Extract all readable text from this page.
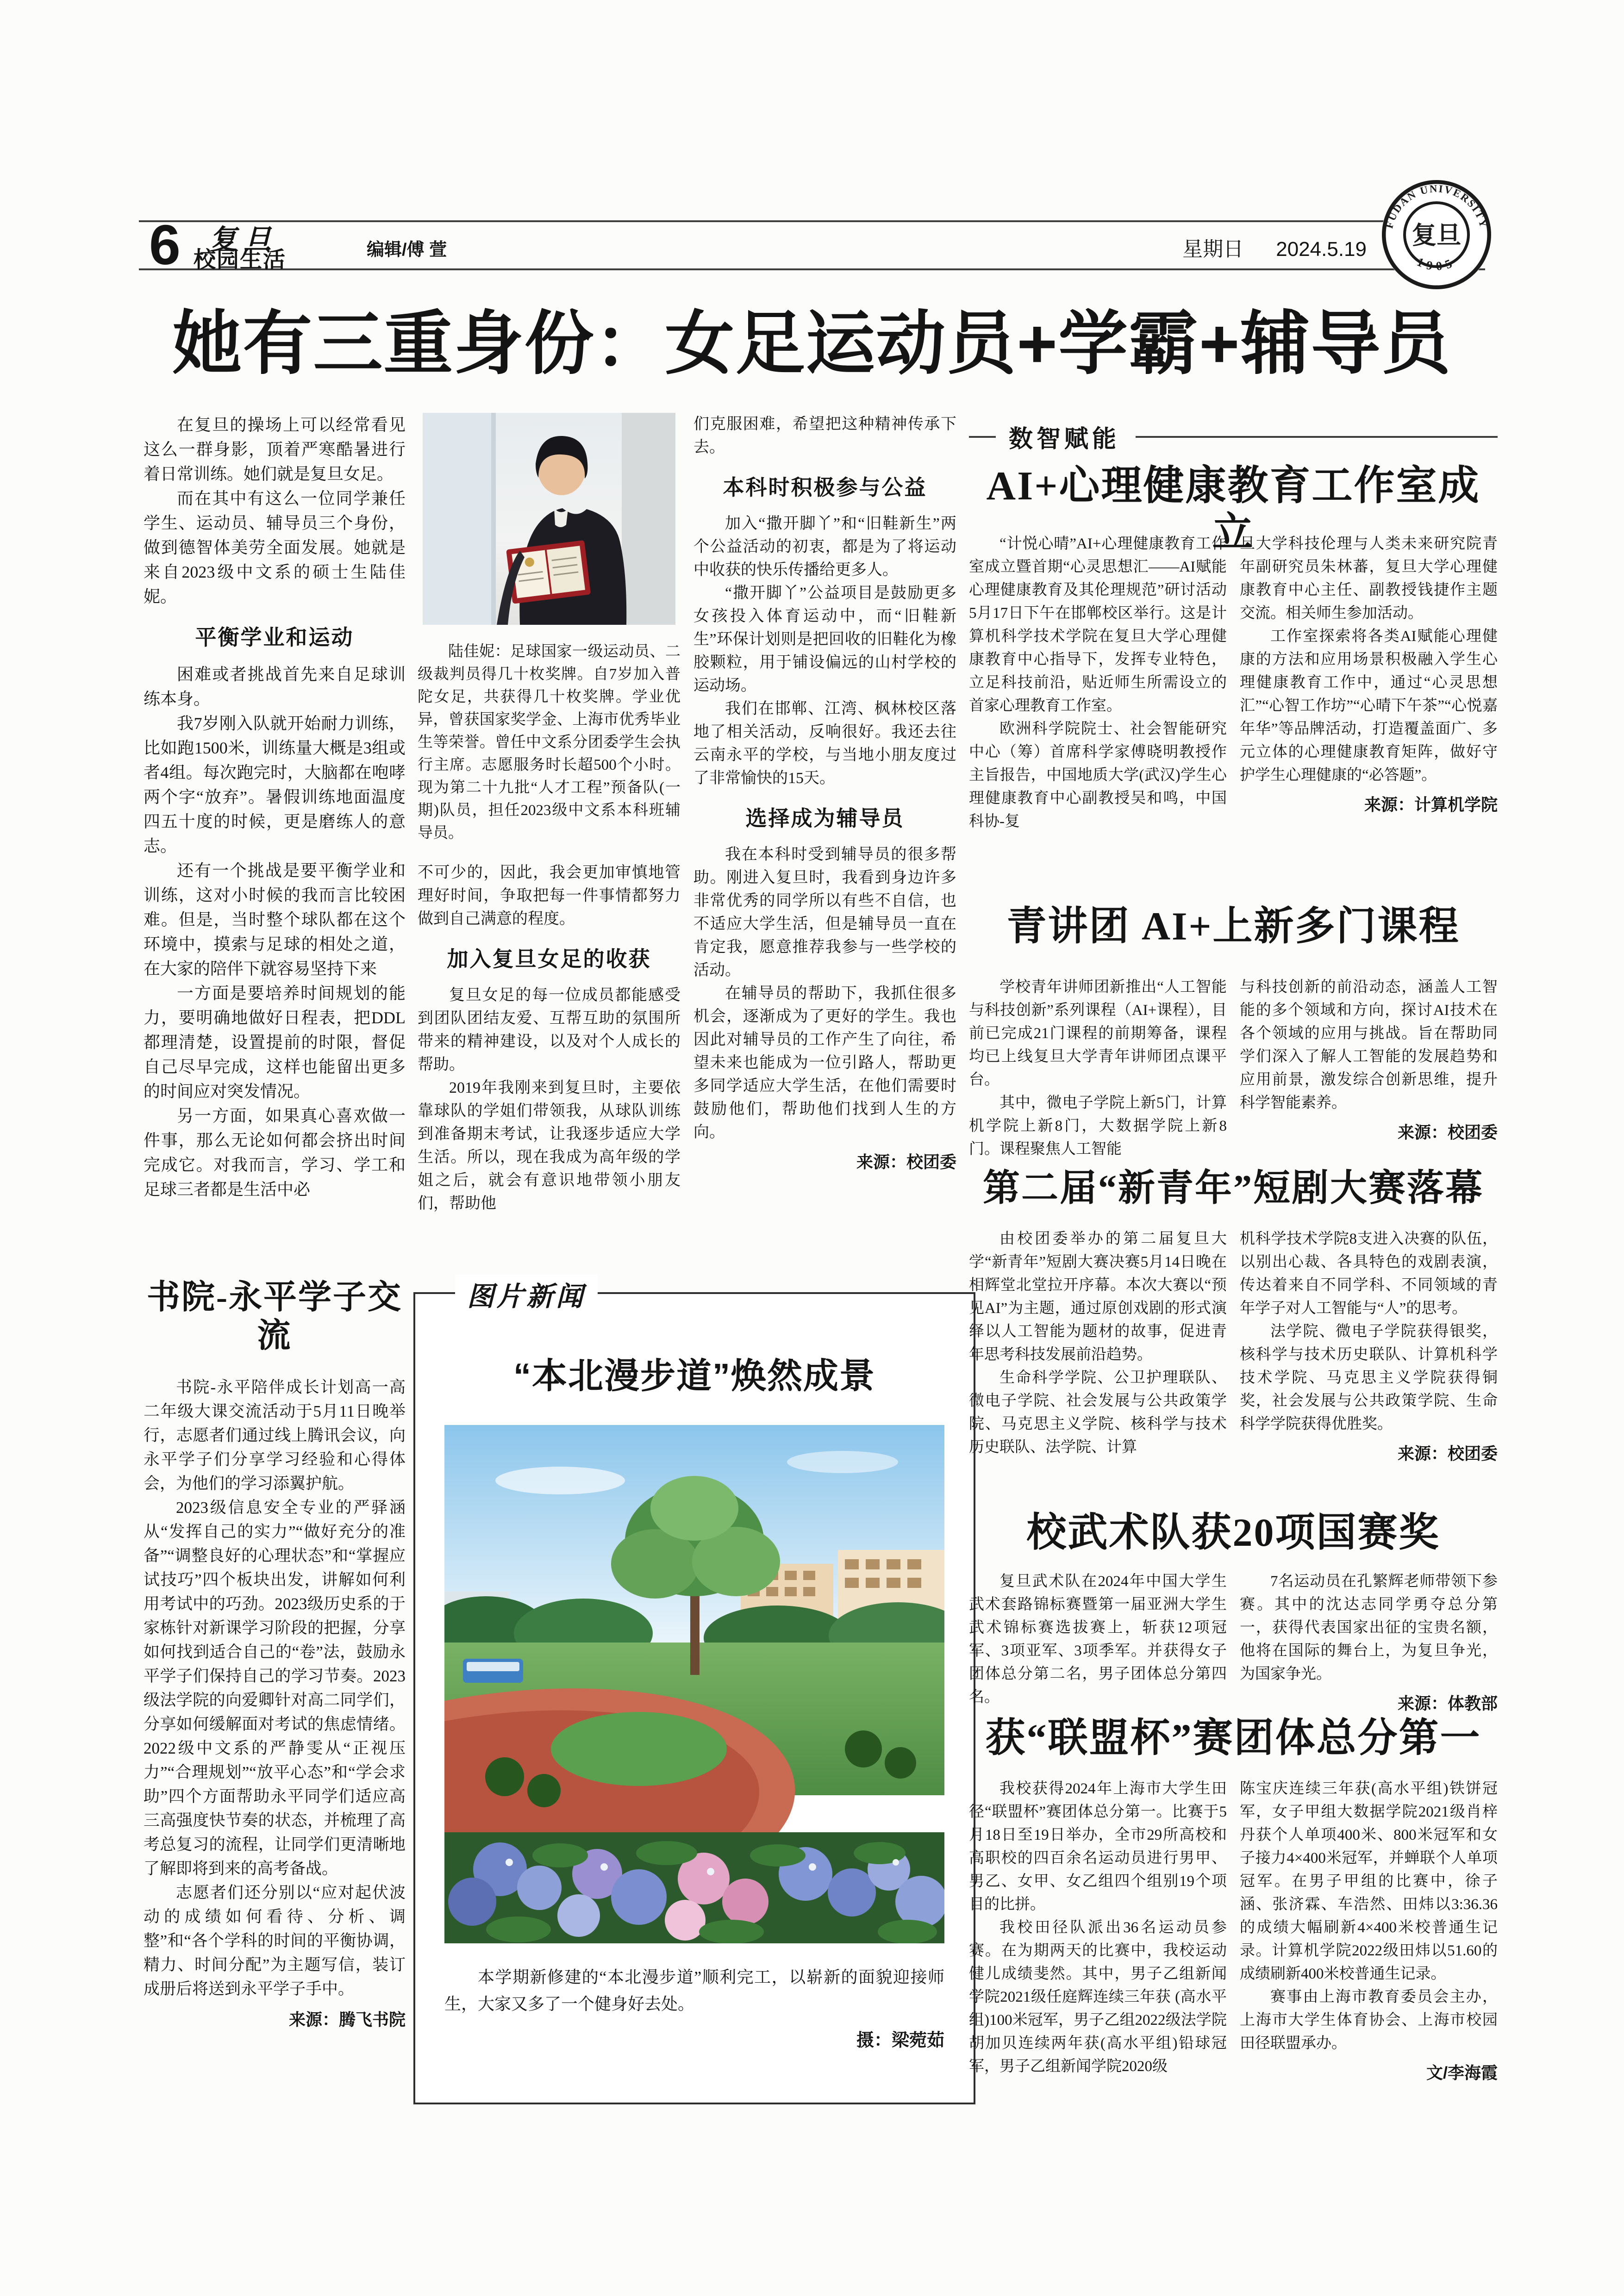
6 复旦
校园生活	编辑/傅 萱	星期日 2024.5.19
FUDAN UNIVERSITY
1905
复旦
她有三重身份：女足运动员+学霸+辅导员

在复旦的操场上可以经常看见这么一群身影，顶着严寒酷暑进行着日常训练。她们就是复旦女足。

而在其中有这么一位同学兼任学生、运动员、辅导员三个身份，做到德智体美劳全面发展。她就是来自2023级中文系的硕士生陆佳妮。

平衡学业和运动

困难或者挑战首先来自足球训练本身。

我7岁刚入队就开始耐力训练，比如跑1500米，训练量大概是3组或者4组。每次跑完时，大脑都在咆哮两个字“放弃”。暑假训练地面温度四五十度的时候，更是磨练人的意志。

还有一个挑战是要平衡学业和训练，这对小时候的我而言比较困难。但是，当时整个球队都在这个环境中，摸索与足球的相处之道，在大家的陪伴下就容易坚持下来

一方面是要培养时间规划的能力，要明确地做好日程表，把DDL都理清楚，设置提前的时限，督促自己尽早完成，这样也能留出更多的时间应对突发情况。

另一方面，如果真心喜欢做一件事，那么无论如何都会挤出时间完成它。对我而言，学习、学工和足球三者都是生活中必

书院-永平学子交流

书院-永平陪伴成长计划高一高二年级大课交流活动于5月11日晚举行，志愿者们通过线上腾讯会议，向永平学子们分享学习经验和心得体会，为他们的学习添翼护航。

2023级信息安全专业的严驿涵从“发挥自己的实力”“做好充分的准备”“调整良好的心理状态”和“掌握应试技巧”四个板块出发，讲解如何利用考试中的巧劲。2023级历史系的于家栋针对新课学习阶段的把握，分享如何找到适合自己的“卷”法，鼓励永平学子们保持自己的学习节奏。2023级法学院的向爱卿针对高二同学们，分享如何缓解面对考试的焦虑情绪。2022级中文系的严静雯从“正视压力”“合理规划”“放平心态”和“学会求助”四个方面帮助永平同学们适应高三高强度快节奏的状态，并梳理了高考总复习的流程，让同学们更清晰地了解即将到来的高考备战。

志愿者们还分别以“应对起伏波动的成绩如何看待、分析、调整”和“各个学科的时间的平衡协调，精力、时间分配”为主题写信，装订成册后将送到永平学子手中。

来源：腾飞书院

陆佳妮：足球国家一级运动员、二级裁判员得几十枚奖牌。自7岁加入普陀女足，共获得几十枚奖牌。学业优异，曾获国家奖学金、上海市优秀毕业生等荣誉。曾任中文系分团委学生会执行主席。志愿服务时长超500个小时。现为第二十九批“人才工程”预备队(一期)队员，担任2023级中文系本科班辅导员。

不可少的，因此，我会更加审慎地管理好时间，争取把每一件事情都努力做到自己满意的程度。

加入复旦女足的收获

复旦女足的每一位成员都能感受到团队团结友爱、互帮互助的氛围所带来的精神建设，以及对个人成长的帮助。

2019年我刚来到复旦时，主要依靠球队的学姐们带领我，从球队训练到准备期末考试，让我逐步适应大学生活。所以，现在我成为高年级的学姐之后，就会有意识地带领小朋友们，帮助他

们克服困难，希望把这种精神传承下去。

本科时积极参与公益

加入“撒开脚丫”和“旧鞋新生”两个公益活动的初衷，都是为了将运动中收获的快乐传播给更多人。

“撒开脚丫”公益项目是鼓励更多女孩投入体育运动中，而“旧鞋新生”环保计划则是把回收的旧鞋化为橡胶颗粒，用于铺设偏远的山村学校的运动场。

我们在邯郸、江湾、枫林校区落地了相关活动，反响很好。我还去往云南永平的学校，与当地小朋友度过了非常愉快的15天。

选择成为辅导员

我在本科时受到辅导员的很多帮助。刚进入复旦时，我看到身边许多非常优秀的同学所以有些不自信，也不适应大学生活，但是辅导员一直在肯定我，愿意推荐我参与一些学校的活动。

在辅导员的帮助下，我抓住很多机会，逐渐成为了更好的学生。我也因此对辅导员的工作产生了向往，希望未来也能成为一位引路人，帮助更多同学适应大学生活，在他们需要时鼓励他们，帮助他们找到人生的方向。

来源：校团委
图片新闻
“本北漫步道”焕然成景

本学期新修建的“本北漫步道”顺利完工，以崭新的面貌迎接师生，大家又多了一个健身好去处。

摄：梁菀茹
数智赋能
AI+心理健康教育工作室成立

“计悦心晴”AI+心理健康教育工作室成立暨首期“心灵思想汇——AI赋能心理健康教育及其伦理规范”研讨活动5月17日下午在邯郸校区举行。这是计算机科学技术学院在复旦大学心理健康教育中心指导下，发挥专业特色，立足科技前沿，贴近师生所需设立的首家心理教育工作室。

欧洲科学院院士、社会智能研究中心（筹）首席科学家傅晓明教授作主旨报告，中国地质大学(武汉)学生心理健康教育中心副教授吴和鸣，中国科协-复

旦大学科技伦理与人类未来研究院青年副研究员朱林蕃，复旦大学心理健康教育中心主任、副教授钱捷作主题交流。相关师生参加活动。

工作室探索将各类AI赋能心理健康的方法和应用场景积极融入学生心理健康教育工作中，通过“心灵思想汇”“心智工作坊”“心晴下午茶”“心悦嘉年华”等品牌活动，打造覆盖面广、多元立体的心理健康教育矩阵，做好守护学生心理健康的“必答题”。

来源：计算机学院
青讲团 AI+上新多门课程

学校青年讲师团新推出“人工智能与科技创新”系列课程（AI+课程），目前已完成21门课程的前期筹备，课程均已上线复旦大学青年讲师团点课平台。

其中，微电子学院上新5门，计算机学院上新8门，大数据学院上新8门。课程聚焦人工智能

与科技创新的前沿动态，涵盖人工智能的多个领域和方向，探讨AI技术在各个领域的应用与挑战。旨在帮助同学们深入了解人工智能的发展趋势和应用前景，激发综合创新思维，提升科学智能素养。

来源：校团委
第二届“新青年”短剧大赛落幕

由校团委举办的第二届复旦大学“新青年”短剧大赛决赛5月14日晚在相辉堂北堂拉开序幕。本次大赛以“预见AI”为主题，通过原创戏剧的形式演绎以人工智能为题材的故事，促进青年思考科技发展前沿趋势。

生命科学学院、公卫护理联队、微电子学院、社会发展与公共政策学院、马克思主义学院、核科学与技术历史联队、法学院、计算

机科学技术学院8支进入决赛的队伍，以别出心裁、各具特色的戏剧表演，传达着来自不同学科、不同领域的青年学子对人工智能与“人”的思考。

法学院、微电子学院获得银奖，核科学与技术历史联队、计算机科学技术学院、马克思主义学院获得铜奖，社会发展与公共政策学院、生命科学学院获得优胜奖。

来源：校团委
校武术队获20项国赛奖

复旦武术队在2024年中国大学生武术套路锦标赛暨第一届亚洲大学生武术锦标赛选拔赛上，斩获12项冠军、3项亚军、3项季军。并获得女子团体总分第二名，男子团体总分第四名。

7名运动员在孔繁辉老师带领下参赛。其中的沈达志同学勇夺总分第一，获得代表国家出征的宝贵名额，他将在国际的舞台上，为复旦争光，为国家争光。

来源：体教部
获“联盟杯”赛团体总分第一

我校获得2024年上海市大学生田径“联盟杯”赛团体总分第一。比赛于5月18日至19日举办，全市29所高校和高职校的四百余名运动员进行男甲、男乙、女甲、女乙组四个组别19个项目的比拼。

我校田径队派出36名运动员参赛。在为期两天的比赛中，我校运动健儿成绩斐然。其中，男子乙组新闻学院2021级任庭辉连续三年获 (高水平组)100米冠军，男子乙组2022级法学院胡加贝连续两年获(高水平组)铅球冠军，男子乙组新闻学院2020级

陈宝庆连续三年获(高水平组)铁饼冠军，女子甲组大数据学院2021级肖梓丹获个人单项400米、800米冠军和女子接力4×400米冠军，并蝉联个人单项冠军。在男子甲组的比赛中，徐子涵、张济霖、车浩然、田炜以3:36.36的成绩大幅刷新4×400米校普通生记录。计算机学院2022级田炜以51.60的成绩刷新400米校普通生记录。

赛事由上海市教育委员会主办，上海市大学生体育协会、上海市校园田径联盟承办。

文/李海霞
